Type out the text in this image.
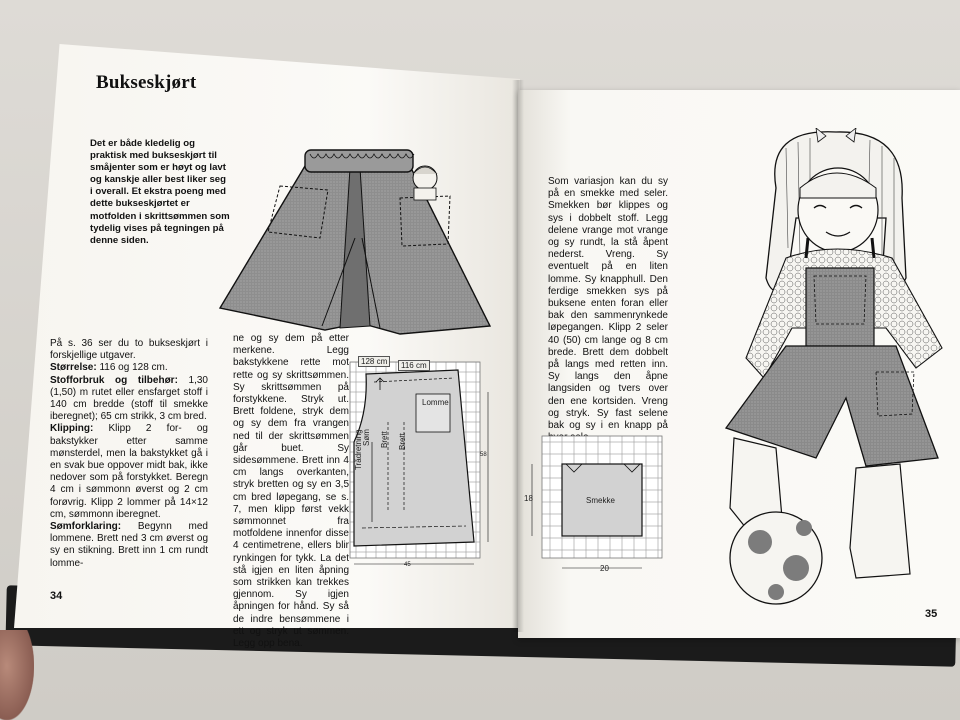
Bukseskjørt
Det er både kledelig og praktisk med bukseskjørt til småjenter som er høyt og lavt og kanskje aller best liker seg i overall. Et ekstra poeng med dette bukseskjørtet er motfolden i skrittsømmen som tydelig vises på tegningen på denne siden.
På s. 36 ser du to bukseskjørt i forskjellige utgaver.
Størrelse: 116 og 128 cm.
Stofforbruk og tilbehør: 1,30 (1,50) m rutet eller ensfarget stoff i 140 cm bredde (stoff til smekke iberegnet); 65 cm strikk, 3 cm bred.
Klipping: Klipp 2 for- og bakstykker etter samme mønsterdel, men la bakstykket gå i en svak bue oppover midt bak, ikke nedover som på forstykket. Beregn 4 cm i sømmonn øverst og 2 cm forøvrig. Klipp 2 lommer på 14×12 cm, sømmonn iberegnet.
Sømforklaring: Begynn med lommene. Brett ned 3 cm øverst og sy en stikning. Brett inn 1 cm rundt lomme-
ne og sy dem på etter merkene. Legg bakstykkene rette mot rette og sy skrittsømmen. Sy skrittsømmen på forstykkene. Stryk ut. Brett foldene, stryk dem og sy dem fra vrangen ned til der skrittsømmen går buet. Sy sidesømmene. Brett inn 4 cm langs overkanten, stryk bretten og sy en 3,5 cm bred løpegang, se s. 7, men klipp først vekk sømmonnet fra motfoldene innenfor disse 4 centimetrene, ellers blir rynkingen for tykk. La det stå igjen en liten åpning som strikken kan trekkes gjennom. Sy igjen åpningen for hånd. Sy så de indre bensømmene i ett og stryk ut sømmen. Legg opp bena.
128 cm	116 cm
Lomme
Trådretning Søm Brett Brett
45
58
34
Som variasjon kan du sy på en smekke med seler. Smekken bør klippes og sys i dobbelt stoff. Legg delene vrange mot vrange og sy rundt, la stå åpent nederst. Vreng. Sy eventuelt på en liten lomme. Sy knapphull. Den ferdige smekken sys på buksene enten foran eller bak den sammenrynkede løpegangen. Klipp 2 seler 40 (50) cm lange og 8 cm brede. Brett dem dobbelt på langs med retten inn. Sy langs den åpne langsiden og tvers over den ene kortsiden. Vreng og stryk. Sy fast selene bak og sy i en knapp på
Smekke
18
20
35
